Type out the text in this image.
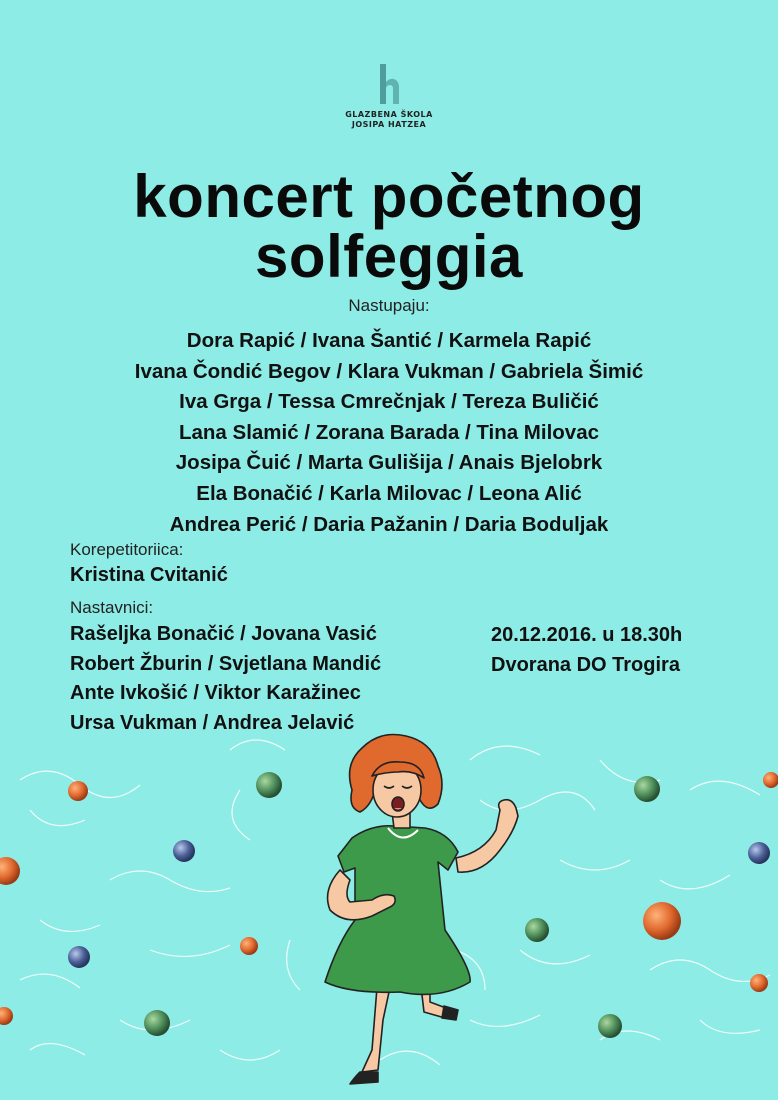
GLAZBENA ŠKOLA
JOSIPA HATZEA
koncert početnog
solfeggia
Nastupaju:
Dora Rapić / Ivana Šantić / Karmela Rapić
Ivana Čondić Begov / Klara Vukman / Gabriela Šimić
Iva Grga / Tessa Cmrečnjak / Tereza Buličić
Lana Slamić / Zorana Barada / Tina Milovac
Josipa Čuić / Marta Gulišija / Anais Bjelobrk
Ela Bonačić / Karla Milovac / Leona Alić
Andrea Perić / Daria Pažanin / Daria Boduljak
Korepetitoriica:
Kristina Cvitanić
Nastavnici:
Rašeljka Bonačić / Jovana Vasić
Robert Žburin / Svjetlana Mandić
Ante Ivkošić / Viktor Karažinec
Ursa Vukman / Andrea Jelavić
20.12.2016. u 18.30h
Dvorana DO Trogira
